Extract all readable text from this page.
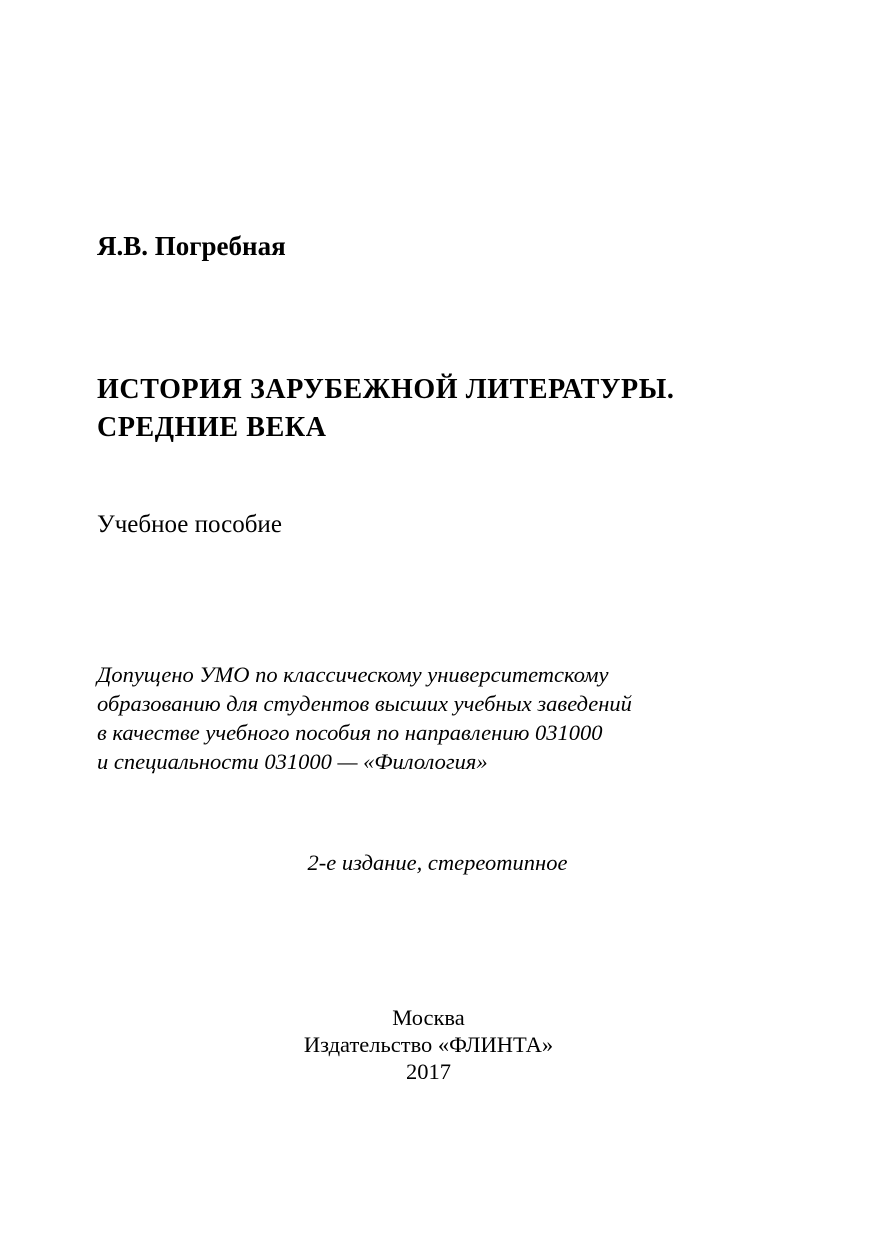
Я.В. Погребная
ИСТОРИЯ ЗАРУБЕЖНОЙ ЛИТЕРАТУРЫ.
СРЕДНИЕ ВЕКА
Учебное пособие
Допущено УМО по классическому университетскому
образованию для студентов высших учебных заведений
в качестве учебного пособия по направлению 031000
и специальности 031000 — «Филология»
2-е издание, стереотипное
Москва
Издательство «ФЛИНТА»
2017
